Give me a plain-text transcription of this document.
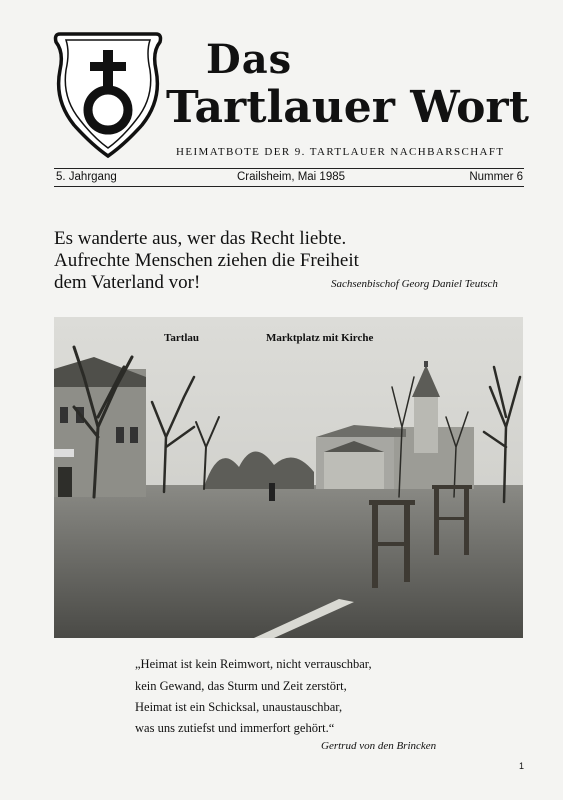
Das
Tartlauer Wort
HEIMATBOTE DER 9. TARTLAUER NACHBARSCHAFT
5. Jahrgang	Crailsheim, Mai 1985	Nummer 6
Es wanderte aus, wer das Recht liebte.
Aufrechte Menschen ziehen die Freiheit
dem Vaterland vor!	Sachsenbischof Georg Daniel Teutsch
Tartlau	Marktplatz mit Kirche
„Heimat ist kein Reimwort, nicht verrauschbar,
kein Gewand, das Sturm und Zeit zerstört,
Heimat ist ein Schicksal, unaustauschbar,
was uns zutiefst und immerfort gehört.“
Gertrud von den Brincken
1
